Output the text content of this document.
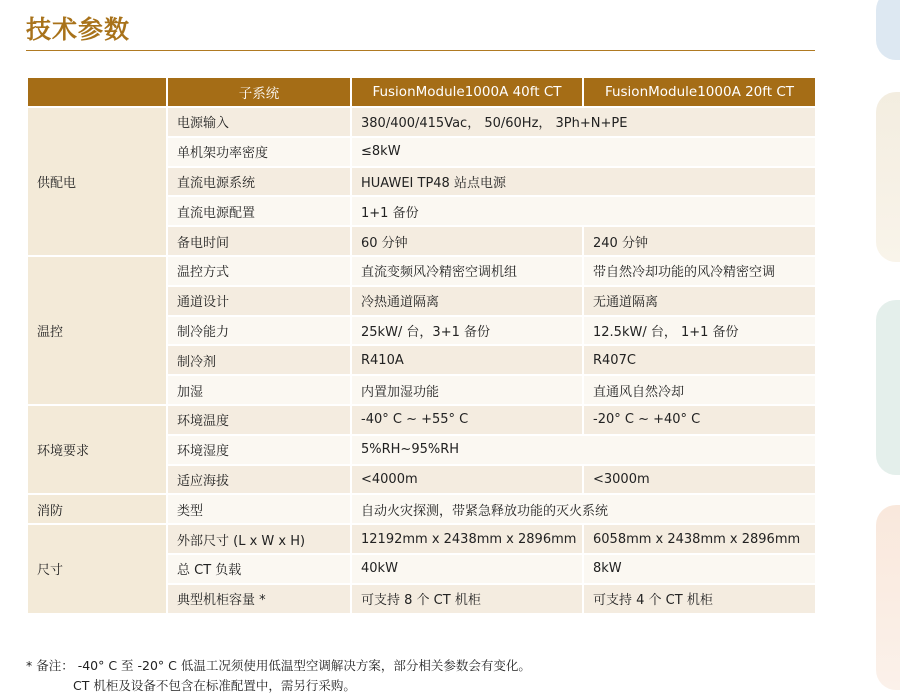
技术参数
	子系统	FusionModule1000A 40ft CT	FusionModule1000A 20ft CT
供配电	电源输入	380/400/415Vac， 50/60Hz， 3Ph+N+PE	
	单机架功率密度	≤8kW	
	直流电源系统	HUAWEI TP48 站点电源	
	直流电源配置	1+1 备份	
	备电时间	60 分钟	240 分钟
温控	温控方式	直流变频风冷精密空调机组	带自然冷却功能的风冷精密空调
	通道设计	冷热通道隔离	无通道隔离
	制冷能力	25kW/ 台，3+1 备份	12.5kW/ 台， 1+1 备份
	制冷剂	R410A	R407C
	加湿	内置加湿功能	直通风自然冷却
环境要求	环境温度	-40° C ~ +55° C	-20° C ~ +40° C
	环境湿度	5%RH~95%RH	
	适应海拔	<4000m	<3000m
消防	类型	自动火灾探测，带紧急释放功能的灭火系统	
尺寸	外部尺寸 (L x W x H)	12192mm x 2438mm x 2896mm	6058mm x 2438mm x 2896mm
	总 CT 负载	40kW	8kW
	典型机柜容量 *	可支持 8 个 CT 机柜	可支持 4 个 CT 机柜
* 备注： -40° C 至 -20° C 低温工况须使用低温型空调解决方案，部分相关参数会有变化。
CT 机柜及设备不包含在标准配置中，需另行采购。
